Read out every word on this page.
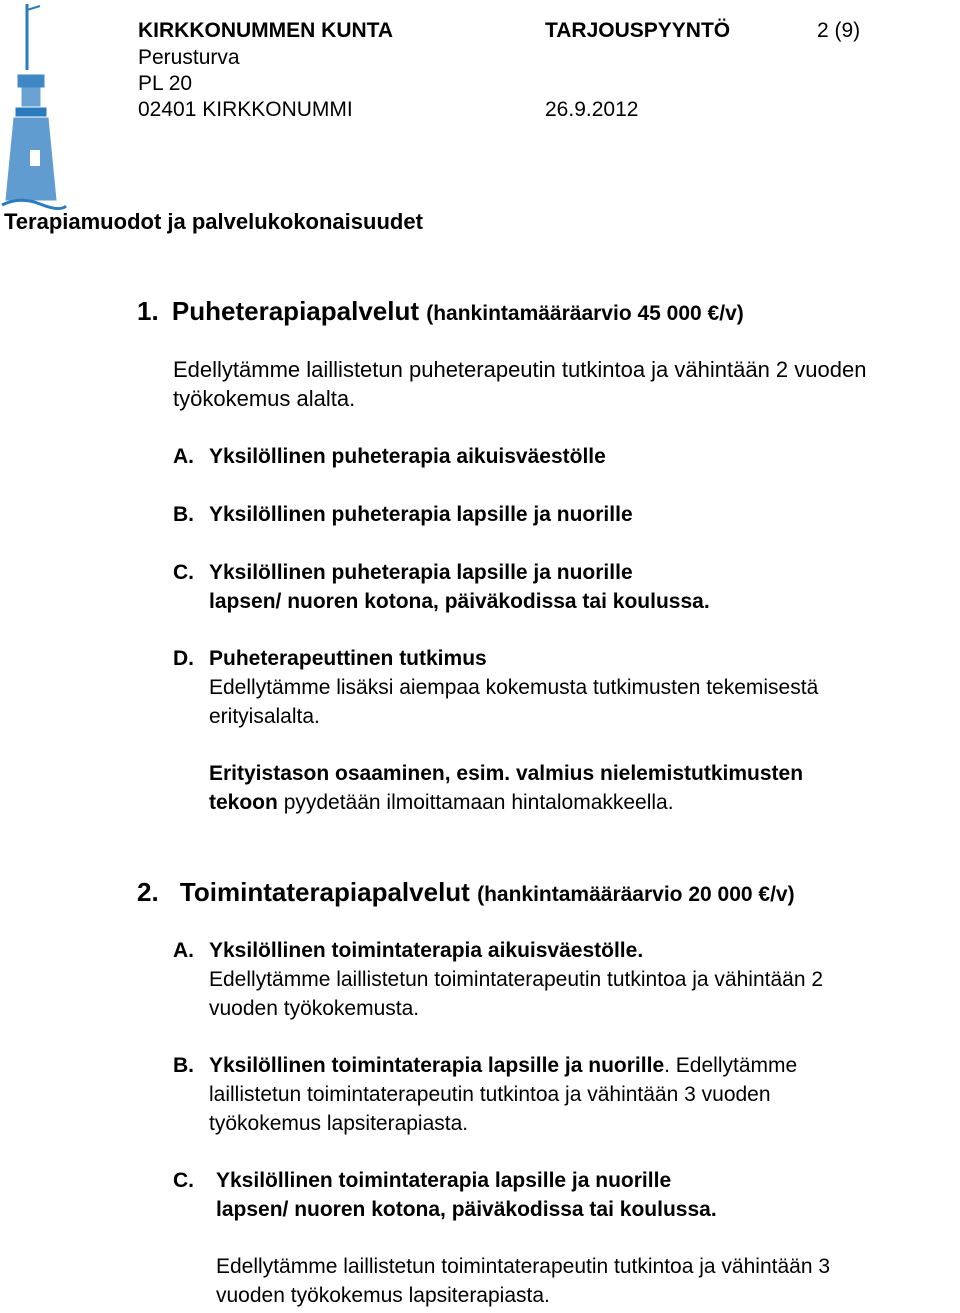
KIRKKONUMMEN KUNTA	TARJOUSPYYNTÖ	2 (9)
Perusturva
PL 20
02401 KIRKKONUMMI	26.9.2012
Terapiamuodot ja palvelukokonaisuudet
1. Puheterapiapalvelut (hankintamääräarvio 45 000 €/v)
Edellytämme laillistetun puheterapeutin tutkintoa ja vähintään 2 vuoden
työkokemus alalta.
A. Yksilöllinen puheterapia aikuisväestölle
B. Yksilöllinen puheterapia lapsille ja nuorille
C. Yksilöllinen puheterapia lapsille ja nuorille
lapsen/ nuoren kotona, päiväkodissa tai koulussa.
D. Puheterapeuttinen tutkimus
Edellytämme lisäksi aiempaa kokemusta tutkimusten tekemisestä
erityisalalta.
Erityistason osaaminen, esim. valmius nielemistutkimusten
tekoon pyydetään ilmoittamaan hintalomakkeella.
2. Toimintaterapiapalvelut (hankintamääräarvio 20 000 €/v)
A. Yksilöllinen toimintaterapia aikuisväestölle.
Edellytämme laillistetun toimintaterapeutin tutkintoa ja vähintään 2
vuoden työkokemusta.
B. Yksilöllinen toimintaterapia lapsille ja nuorille. Edellytämme
laillistetun toimintaterapeutin tutkintoa ja vähintään 3 vuoden
työkokemus lapsiterapiasta.
C. Yksilöllinen toimintaterapia lapsille ja nuorille
lapsen/ nuoren kotona, päiväkodissa tai koulussa.
Edellytämme laillistetun toimintaterapeutin tutkintoa ja vähintään 3
vuoden työkokemus lapsiterapiasta.
